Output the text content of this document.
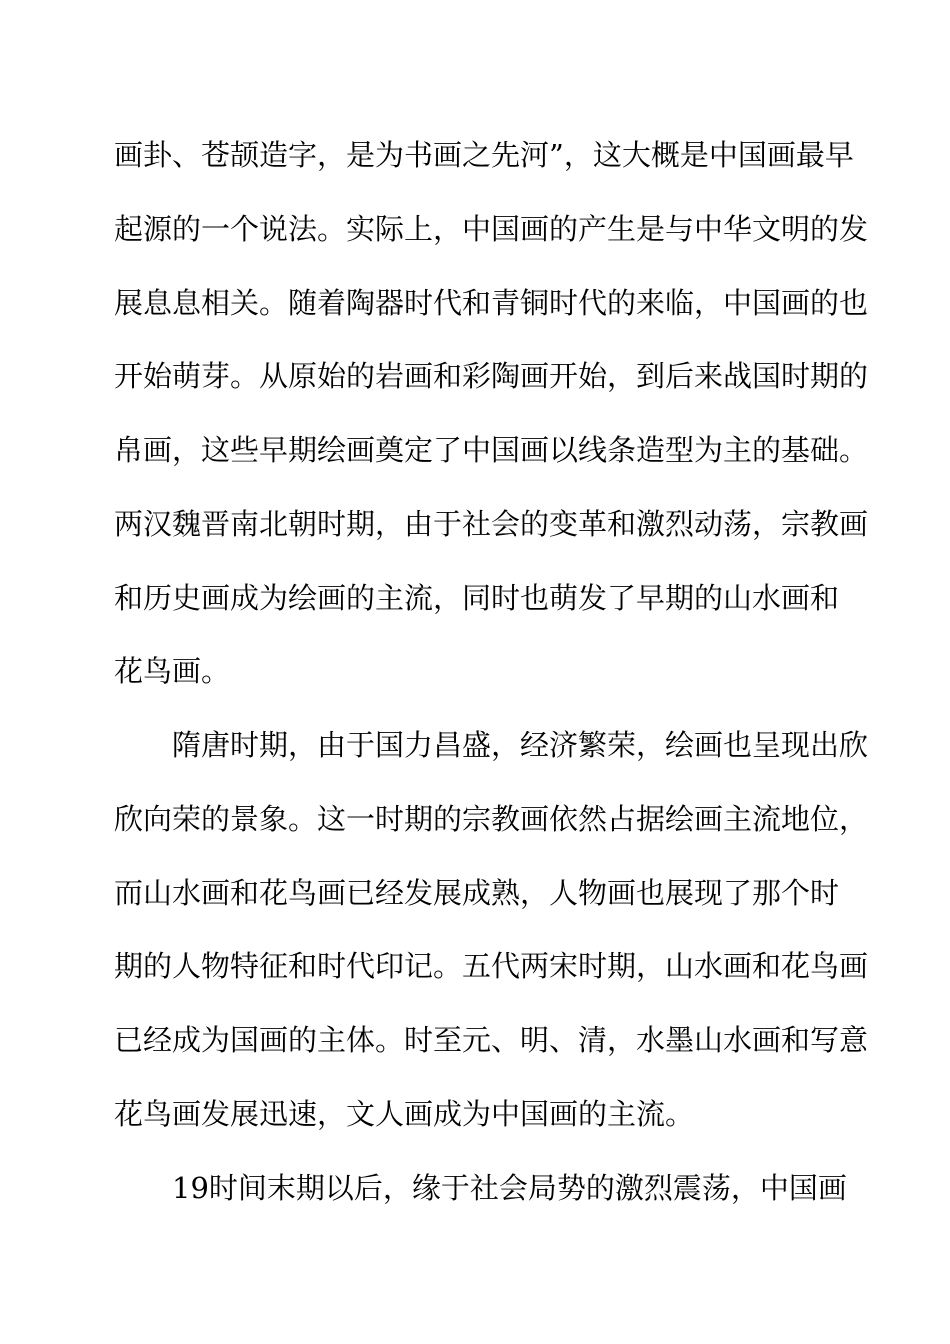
画卦、苍颉造字，是为书画之先河”，这大概是中国画最早
起源的一个说法。实际上，中国画的产生是与中华文明的发
展息息相关。随着陶器时代和青铜时代的来临，中国画的也
开始萌芽。从原始的岩画和彩陶画开始，到后来战国时期的
帛画，这些早期绘画奠定了中国画以线条造型为主的基础。
两汉魏晋南北朝时期，由于社会的变革和激烈动荡，宗教画
和历史画成为绘画的主流，同时也萌发了早期的山水画和
花鸟画。
隋唐时期，由于国力昌盛，经济繁荣，绘画也呈现出欣
欣向荣的景象。这一时期的宗教画依然占据绘画主流地位，
而山水画和花鸟画已经发展成熟，人物画也展现了那个时
期的人物特征和时代印记。五代两宋时期，山水画和花鸟画
已经成为国画的主体。时至元、明、清，水墨山水画和写意
花鸟画发展迅速，文人画成为中国画的主流。
19时间末期以后，缘于社会局势的激烈震荡，中国画
